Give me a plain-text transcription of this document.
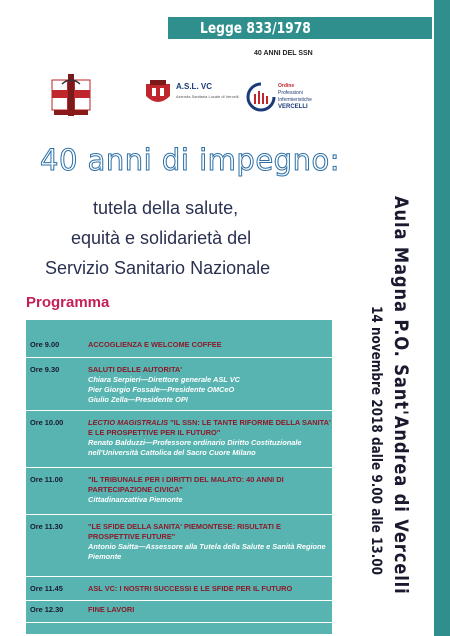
Legge 833/1978
40 ANNI DEL SSN
A.S.L. VC
Azienda Sanitaria Locale di Vercelli
Ordine
Professioni
Infermieristiche
VERCELLI
40 anni di impegno:
tutela della salute,
equità e solidarietà del
Servizio Sanitario Nazionale
Programma	Aula Magna P.O. Sant'Andrea di Vercelli
14 novembre 2018 dalle 9.00 alle 13.00
Ore 9.00	ACCOGLIENZA E WELCOME COFFEE
Ore 9.30	SALUTI DELLE AUTORITA'
Chiara Serpieri—Direttore generale ASL VC
Pier Giorgio Fossale—Presidente OMCeO
Giulio Zella—Presidente OPI
Ore 10.00	LECTIO MAGISTRALIS "IL SSN: LE TANTE RIFORME DELLA SANITA' E LE PROSPETTIVE PER IL FUTURO"
Renato Balduzzi—Professore ordinario Diritto Costituzionale nell'Università Cattolica del Sacro Cuore Milano
Ore 11.00	"IL TRIBUNALE PER I DIRITTI DEL MALATO: 40 ANNI DI PARTECIPAZIONE CIVICA"
Cittadinanzattiva Piemonte
Ore 11.30	"LE SFIDE DELLA SANITA' PIEMONTESE: RISULTATI E PROSPETTIVE FUTURE"
Antonio Saitta—Assessore alla Tutela della Salute e Sanità Regione Piemonte
Ore 11.45	ASL VC: I NOSTRI SUCCESSI E LE SFIDE PER IL FUTURO
Ore 12.30	FINE LAVORI
